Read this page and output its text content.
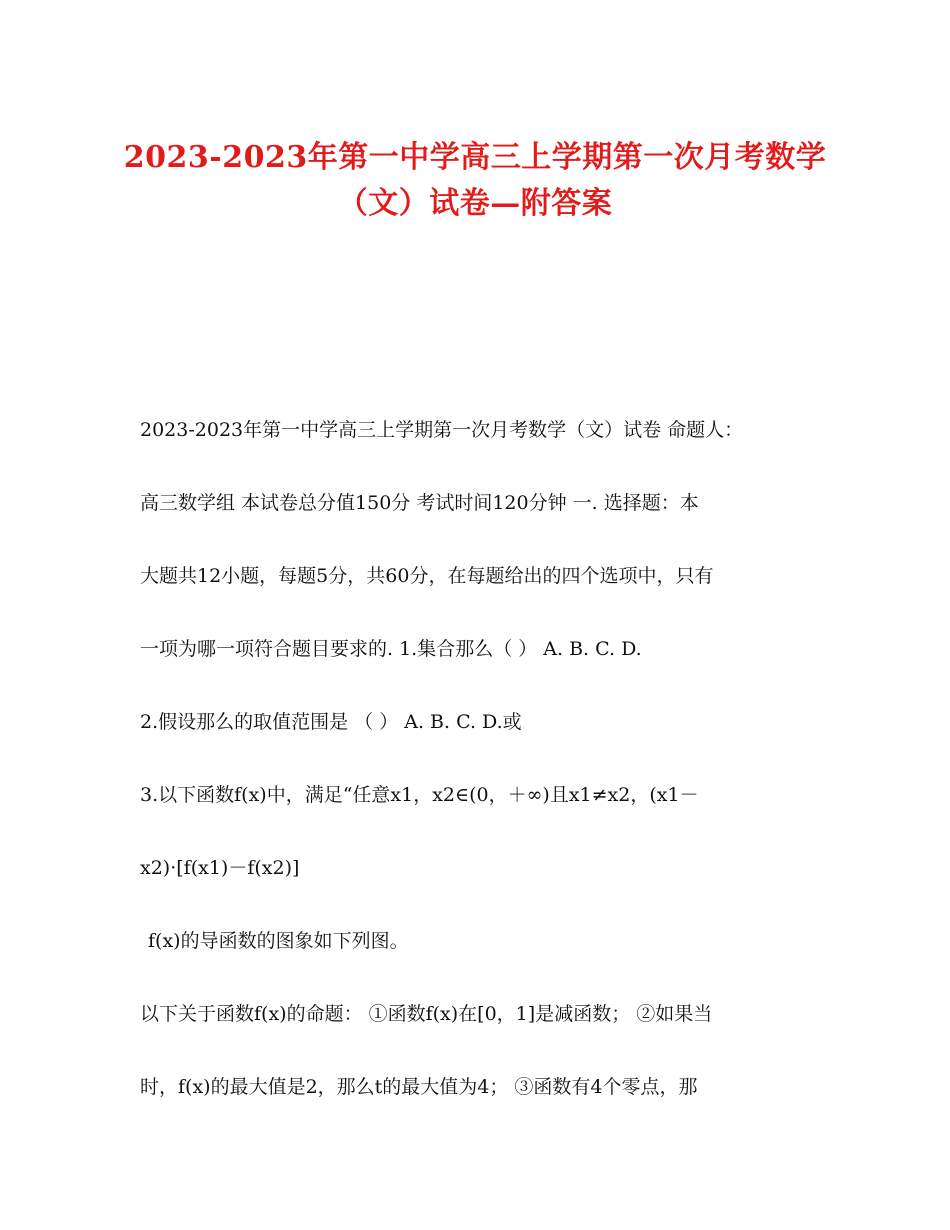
2023-2023年第一中学高三上学期第一次月考数学
（文）试卷—附答案
2023-2023年第一中学高三上学期第一次月考数学（文）试卷 命题人：
高三数学组 本试卷总分值150分 考试时间120分钟 一. 选择题：本
大题共12小题，每题5分，共60分，在每题给出的四个选项中，只有
一项为哪一项符合题目要求的. 1.集合那么（ ） A. B. C. D.
2.假设那么的取值范围是 （ ） A. B. C. D.或
3.以下函数f(x)中，满足“任意x1，x2∈(0，＋∞)且x1≠x2，(x1－
x2)·[f(x1)－f(x2)]
f(x)的导函数的图象如下列图。
以下关于函数f(x)的命题： ①函数f(x)在[0，1]是减函数； ②如果当
时，f(x)的最大值是2，那么t的最大值为4； ③函数有4个零点，那
